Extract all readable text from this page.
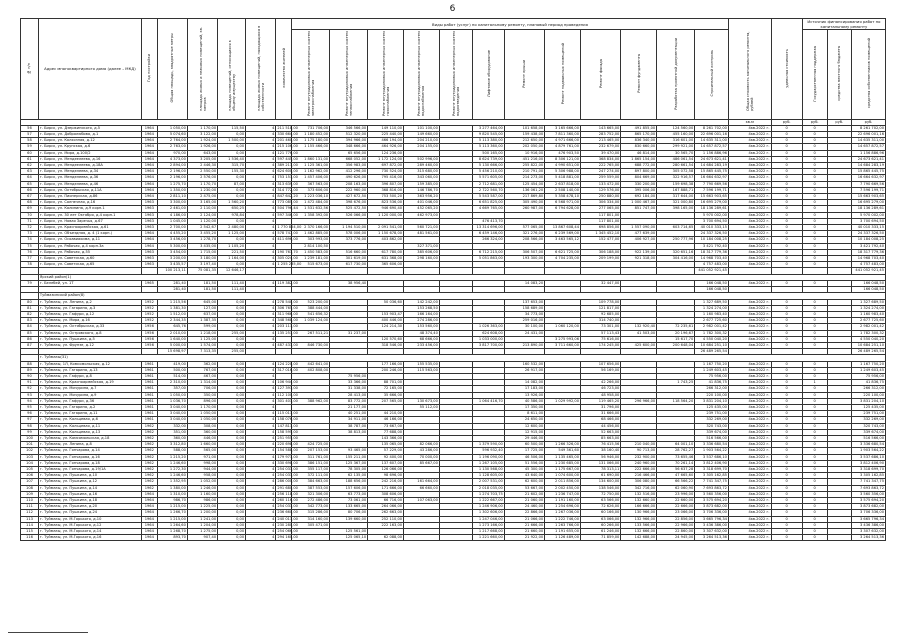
6
№ п/п	Адрес многоквартирного дома (далее – МКД)	Год постройки	Общая площадь, квадратные метры	площадь жилых и нежилых помещений, кв. метров	площадь помещений, относящихся к общему имуществу	площадь жилых помещений, находящихся в собственности	количество жителей	Виды работ (услуг) по капитальному ремонту, плановый период проведения												Общая стоимость капитального ремонта, рублей	удельная стоимость	Источник финансирования работ по капитальному ремонту		
								Ремонт внутридомовых инженерных систем электроснабжения	Ремонт внутридомовых инженерных систем теплоснабжения	Ремонт внутридомовых инженерных систем газоснабжения	Ремонт внутридомовых инженерных систем водоснабжения	Ремонт внутридомовых инженерных систем водоотведения	Лифтовое оборудование	Ремонт крыши	Ремонт подвальных помещений	Ремонт фасада	Ремонт фундамента	Разработка проектной документации	Строительный контроль			Государственная поддержка	средства местного бюджета	средства собственников помещений
																				кв.м	руб.	руб.	руб.	руб.
56	г. Бирск, ул. Дзержинского, д.5	1964	1 050,00	1 170,00	115,50	4	211 518,00	731 706,00	346 566,00	149 110,00	101 100,00		3 277 464,00	101 658,00	3 165 666,00	143 665,00	491 855,00	124 560,00	8 261 702,00	4кв.2022 г.	0	0		8 261 702,00
57	г. Бирск, ул. Добролюбова, д.1	1964	5 074,60	3 122,00	0,00	4	330 664,00	1 180 452,00	512 320,00	225 440,00	149 660,00		9 820 545,00	159 438,00	7 811 360,00	283 752,00	865 170,00	455 160,00	22 696 001,16	4кв.2022 г.	0	0		22 696 001,16
58	г. Бирск, ул. Колхозная, д.12	1964	2 764,00	1 924,00	1 500,00	4	201 460,00	1 175 180,00	394 966,00	466 194,00	204 210,00		5 113 380,00	212 650,00	4 971 666,00	213 465,00	836 340,00	316 601,00	14 635 311,00	4кв.2022 г.	0	0		14 635 311,00
59	г. Бирск, ул. Крупская, д.6	1964	2 763,00	1 926,00	0,00	4	215 106,00	1 155 466,00	348 666,00	464 926,00	204 155,00		5 113 360,00	202 050,00	4 879 761,00	232 679,00	830 660,00	299 921,00	14 657 872,57	4кв.2022 г.	0	0		14 657 872,57
60	г. Бирск, ул. Мира, д.100/2	1964	970,00	643,00	0,00	4	121 776,00		65 656,00	124 236,00			500 165,00	10 916,00	476 903,50	39 470,00	46 814,00	30 565,70	1 156 886,96	4кв.2022 г.	0	0		1 156 886,96
61	г. Бирск, ул. Мендеелеева, д.16	1964	4 373,00	3 205,00	1 536,40	4	597 445,00	1 860 131,00	668 052,00	1 172 124,00	502 996,00		8 624 739,00	451 216,00	8 306 121,00	368 834,00	1 865 154,00	486 061,54	24 673 621,41	4кв.2022 г.	0	0		24 673 621,41
62	г. Бирск, ул. Мендеелеева, д.18А	1964	2 894,00	2 446,30	315,70	4	389 213,00	1 125 361,00	356 983,00	697 872,00	289 460,00		5 130 666,00	255 822,00	4 990 651,00	222 765,00	688 772,00	280 661,54	14 684 283,19	4кв.2022 г.	0	0		14 684 283,19
63	г. Бирск, ул. Менделеева, д.34	1964	2 196,00	2 550,00	155,30	4	624 600,00	1 162 962,00	412 296,00	730 524,00	315 680,00		5 456 210,00	210 791,00	5 306 988,00	247 274,00	897 800,00	305 072,58	15 865 445,75	4кв.2022 г.	0	0		15 865 445,75
64	г. Бирск, ул. Менделеева, д.36	1964	2 196,00	2 576,00	0,00	4	753 151,00	1 457 406,00	490 626,00	795 416,00	343 060,00		5 571 605,00	214 273,00	5 418 881,00	259 559,00	804 669,00	322 916,57	16 664 632,97	4кв.2022 г.	0	0		16 664 632,97
65	г. Бирск, ул. Менделеева, д.46	1964	1 275,70	1 170,70	87,00	4	313 639,00	367 563,00	208 163,00	396 807,00	159 385,00		2 712 681,00	125 454,00	2 637 818,00	133 472,00	330 200,00	159 698,38	7 790 669,56	4кв.2022 г.	0	0		7 790 669,56
66	г. Бирск, ул. Октябрьская, д.11А	1964	1 350,00	1 230,00	0,00	4	314 772,00	373 606,00	222 960,00	368 816,00	146 786,70		2 722 560,70	136 061,20	2 508 140,00	129 576,00	395 006,00	167 888,71	7 596 199,71	4кв.2022 г.	0	0		7 596 199,71
67	г. Бирск, ул. Пионерская, д.86	1964	2 811,10	2 475,00	0,00	4	847 642,20	1 223 036,10	427 672,50	753 500,20	363 956,20		5 543 587,00	217 869,80	5 358 478,10	250 880,00	692 184,00	317 644,00	15 663 903,65	4кв.2022 г.	0	0		15 663 903,65
68	г. Бирск, ул. Солнечная, д.16	1963	3 300,00	3 165,00	1 560,20	4	773 085,00	1 472 484,00	398 676,00	823 536,00	401 046,00		6 651 825,00	305 490,00	6 568 971,00	306 334,00	1 000 467,00	321 000,80	16 695 279,00	4кв.2022 г.	0	0		16 695 279,00
69	г. Бирск, ул. Калинина, д.9 корп.1	1963	2 461,00	2 110,00	650,25	4	504 796,44	1 531 632,56	525 472,50	946 690,40	452 065,20		4 669 765,00	260 987,00	6 794 628,00	277 065,00	851 747,00	398 165,00	18 136 289,61	4кв.2022 г.	0	0		18 136 289,61
70	г. Бирск, ул. 30 лет Октября, д.4 корп.1	1963	4 186,00	2 124,00	978,84	4	597 346,00	1 358 392,00	526 066,00	1 120 000,00	462 973,00					117 801,00			5 970 002,00	4кв.2022 г.	0	0		5 970 002,00
71	г. Бирск, ул. Новая Заречья, д.67	1963	1 045,00	1 120,00	0,00	4							476 413,70			117 801,00			3 700 694,50	4кв.2022 г.	0	0		3 700 694,50
72	г. Бирск, ул. Красноармейская, д.61	1963	2 700,00	2 542,67	2 480,00	4	1 770 824,00	2 370 166,00	1 194 510,00	2 091 541,00	560 721,00		13 314 696,00	577 065,00	13 867 608,44	698 856,00	1 557 090,00	603 714,65	40 010 333,15	4кв.2022 г.	0	0		40 010 333,15
73	г. Бирск, ул. Объездная, д. 4 (1 корп.)	1964	4 455,20	3 455,20	1 125,00	4	578 747,00	1 462 885,00	578 006,00	1 150 678,00	481 561,00		6 459 146,00	321 276,00	6 239 569,00	1 345 452,10	477 639,00		24 337 326,50	4кв.2022 г.	0	0		24 337 326,50
74	г. Бирск, ул. Осоавиахима, д.11	1964	3 456,00	1 278,70	0,00	4	411 696,00	303 993,00	373 776,00	403 862,00			266 324,00	208 566,00	3 463 565,12	152 477,00	406 927,00	250 777,96	10 184 008,25	4кв.2022 г.	0	0		10 184 008,25
75	г. Бирск, ул. Рабочая, д.4 корп.3а	1964	5 300,00	3 435,00	1 105,20	4		2 814 100,50			327 371,00								3 421 792,40	4кв.2022 г.	0	0		3 421 792,40
76	г. Бирск, ул. Рабочая, д.55	1963	3 454,00	1 715,00	221,50	4	190 763,70	1 450 583,00	516 660,00	617 780,00	385 606,00		6 712 215,00	306 507,00	6 621 725,00	306 188,00	922 139,00	320 651,16	18 317 779,36	4кв.2022 г.	0	0		18 317 779,36
77	г. Бирск, ул. Советская, д.60	1963	3 200,00	3 180,00	1 164,00	4	305 024,00	1 239 181,00	301 619,00	631 368,00	298 160,00		5 051 863,00	193 300,00	4 704 235,00	209 199,00	921 318,00	304 416,00	14 968 703,40	4кв.2022 г.	0	0		14 968 703,40
78	г. Бирск, ул. Советская, д.65	1963	3 435,57	3 197,40	0,00	4	1 255 235,00	515 673,00	617 730,00	365 606,00									4 757 483,00	4кв.2022 г.	0	0		4 757 483,00
			100 213,11	75 081,35	12 646,17														441 052 921,45					441 052 921,45
	Ярский район(1)																							
79	г. Белебей, ул. 1Т	1965	281,40	181,50	111,40	4	119 382,00		38 956,40					14 083,20		32 447,00			166 048,50	4кв.2022 г.	0	0		166 048,50
			281,40	181,50	111,40														166 048,50					166 048,50
	Туймазинский район(8)																							
80	г. Туймазы, ул. Ленина, д.2	1952	1 215,56	645,00	0,00	4	278 540,00	523 200,00		50 036,60	142 242,00			137 653,00		109 778,00			1 327 689,50	4кв.2022 г.	0	0		1 327 689,50
81	г. Туймазы, ул. Гагарина, д.3	1952	1 381,30	127,00	0,00	4	306 765,00	388 444,00			153 268,50			158 689,00		121 817,00			1 324 274,00	4кв.2022 г.	0	0		1 324 274,00
82	г. Туймазы, ул. Гафури, д.12	1952	1 512,00	637,00	0,00	4	311 966,00	541 656,32		153 903,47	166 164,00			34 773,00		92 685,00			1 160 983,40	4кв.2022 г.	0	0		1 160 983,40
83	г. Туймазы, ул. Мира, д.16	1952	2 344,35	1 387,35	0,00	4	348 568,00	1 039 124,00		400 446,00	274 286,00			259 016,00		314 740,00			2 677 725,60	4кв.2022 г.	0	0		2 677 725,60
84	г. Туймазы, ул. Октябрьская, д.33	1956	645,76	599,00	0,00	4	203 111,00			124 214,30	153 560,00		1 026 363,00	30 100,00	1 060 120,00	73 301,00	132 920,40	72 235,61	2 982 001,42	4кв.2022 г.	0	0		2 982 001,42
85	г. Туймазы, ул. Островского, д.8	1956	2 010,00	1 218,00	255,00	4	135 251,00	267 511,21	31 237,00		48 374,40		624 608,00	24 431,00		57 113,43	41 503,00	20 196,67	1 782 300,32	4кв.2022 г.	0	0		1 782 300,32
86	г. Туймазы, ул. Пушкина, д.5	1956	1 640,00	1 125,00	0,00	4				120 570,60	68 666,00		1 033 000,00		3 275 993,06	75 616,00		15 617,70	4 550 040,20	4кв.2022 г.	0	0		4 550 040,20
87	г. Туймазы, ул. Фрунзе, д.12	1956	5 000,00	1 574,00	0,00	4	487 433,00	846 730,00		318 546,00	233 456,00		3 817 700,00	213 890,00	3 711 660,00	174 245,00	425 600,00	200 648,04	10 684 251,10	4кв.2022 г.	0	0		10 684 251,10
			15 698,97	7 313,35	255,00														26 489 265,54					26 489 265,54
	г. Туймазы(31)																							
88	г. Туймазы, 1Л, Комсомольская, д.12	1961	419,00	362,00	0,00	4	124 220,00	442 641,00		177 166,00	155 535,00			160 532,00		107 656,00			1 167 750,20	4кв.2022 г.	0	0		1 167 750,20
89	г. Туймазы, ул. Гагарина, д.13	1961	500,00	767,00	0,00	4	317 016,00	402 808,00		200 246,00	115 563,00			26 917,00		56 169,00			1 249 603,45	4кв.2022 г.	0	0		1 249 603,45
90	г. Туймазы, ул. Гафури, д.8	1961	514,00	467,00	0,00	4			75 956,00										75 956,00	4кв.2022 г.	0	0		75 956,00
91	г. Туймазы, ул. Красноармейская, д.19	1961	2 310,00	1 314,00	0,00	4	106 944,00		33 366,00	88 701,00				14 082,00		42 266,00		1 743,25	41 836,75	4кв.2022 г.	0	1		41 836,75
92	г. Туймазы, ул. Мичурина, д.7	1961	357,00	706,00	0,00	4	127 393,00		31 338,00	72 165,00				17 183,00		46 723,00			266 312,00	4кв.2022 г.	0	0		266 312,00
93	г. Туймазы, ул. Мичурина, д.9	1961	1 050,00	350,00	0,00	4	112 100,00		28 413,00	35 666,00				13 926,00		48 958,00			220 100,00	4кв.2022 г.	0	0		220 100,00
94	г. Туймазы, ул. Гафури, д.36	1961	1 036,70	896,00	0,00	4	301 403,00	388 962,00	83 772,00	207 565,00	130 673,00		1 064 416,70	40 586,00	1 029 992,00	119 465,20	296 966,00	118 564,20	3 831 204,10	4кв.2022 г.	0	0		3 831 204,10
95	г. Туймазы, ул. Гагарина, д.2	1961	3 040,00	1 170,00	0,00	4			21 177,00		55 112,00			17 350,00		31 796,00			125 435,00	4кв.2022 г.	0	0		125 435,00
96	г. Туймазы, ул. Гагарина, д.11	1961	3 040,00	1 050,00	0,00	4	115 013,00		40 251,00	44 210,00				8 611,00		31 666,00			239 751,00	4кв.2022 г.	0	0		239 751,00
97	г. Туймазы, ул. Кольцевая, д.6	1961	3 040,00	1 050,00	0,00	4	158 076,00		34 911,00	46 166,00				24 650,00		68 466,00			332 269,00	4кв.2022 г.	0	0		332 269,00
98	г. Туймазы, ул. Кольцевая, д.11	1962	332,00	308,00	0,00	4	147 813,00		38 787,00	73 667,00				12 600,00		44 456,00			320 743,00	4кв.2022 г.	0	0		320 743,00
99	г. Туймазы, ул. Кольцевая, д.13	1962	351,00	360,00	0,00	4	158 595,00		38 813,00	77 688,00				12 915,00		52 663,00			339 674,00	4кв.2022 г.	0	0		339 674,00
100	г. Туймазы, ул. Комсомольская, д.18	1962	360,00	446,00	0,00	4	251 955,00			143 366,00				29 446,00		85 663,00			516 566,00	4кв.2022 г.	0	0		516 566,00
101	г. Туймазы, ул. Ленина, д.8	1962	3 312,80	1 660,00	0,00	4	220 698,00	424 725,00		135 065,00	82 066,00		1 379 590,00	60 500,00	1 266 326,00	76 415,56	210 040,00	64 001,10	3 336 680,54	4кв.2022 г.	0	0		3 336 680,54
102	г. Туймазы, ул. Гончарова, д.14	1962	588,00	565,00	0,00	4	154 588,00	207 153,00	93 465,00	57 229,00	43 286,00		596 932,40	17 725,00	549 361,60	38 160,40	90 713,00	28 762,27	1 903 564,22	4кв.2022 г.	0	0		1 903 564,22
103	г. Туймазы, ул. Гончарова, д.16	1962	1 215,20	971,00	0,00	4	179 971,00	311 761,00	155 211,00	92 400,00	70 000,00		1 196 090,00	46 506,00	1 135 465,00	56 946,00	232 900,00	73 655,46	3 537 686,10	4кв.2022 г.	0	0		3 537 686,10
104	г. Туймазы, ул. Гончарова, д.18	1962	1 246,60	998,00	0,00	4	330 698,00	386 151,00	125 367,00	137 607,00	85 667,00		1 267 105,00	51 556,00	1 230 685,00	131 066,00	240 960,00	70 261,14	3 812 406,90	4кв.2022 г.	0	0		3 812 406,90
105	г. Туймазы, ул. Гончарова, д.19/1А	1962	1 272,30	944,00	0,00	4	254 033,00	355 117,00	78 305,00	126 066,00			1 130 568,00	45 300,00	1 175 667,00	78 313,11	222 666,00	56 637,28	3 318 699,70	4кв.2022 г.	0	0		3 318 699,70
106	г. Туймазы, ул. Пушкина, д.10	1962	1 246,60	958,00	0,00	4	254 033,00	372 111,00	62 135,00	98 696,00			1 128 605,00	43 640,00	1 074 600,00	61 690,00	216 466,00	47 665,60	3 305 162,85	4кв.2022 г.	0	0		3 305 162,85
107	г. Туймазы, ул. Пушкина, д.12	1962	1 352,95	1 052,00	0,00	4	286 000,00	384 663,00	188 656,00	242 216,00	161 664,00		2 007 531,00	62 600,00	2 011 856,00	134 600,00	306 080,00	66 566,22	7 741 347,75	4кв.2022 г.	0	0		7 741 347,75
108	г. Туймазы, ул. Пушкина, д.14	1962	1 380,00	1 246,00	0,00	4	291 680,00	387 553,00	157 606,00	171 666,00	66 660,00		2 018 035,00	53 667,00	2 002 450,00	138 546,00	342 716,00	62 060,90	7 693 863,72	4кв.2022 г.	0	0		7 693 863,72
109	г. Туймазы, ул. Пушкина, д.16	1964	1 310,00	1 160,00	0,00	4	256 118,00	321 306,00	63 773,00	308 606,00			1 274 703,75	21 602,00	1 236 747,00	72 750,00	132 516,00	23 996,00	3 560 356,00	4кв.2022 г.	0	0		3 560 356,00
110	г. Туймазы, ул. Пушкина, д.18	1964	986,70	986,00	0,00	4	260 116,00	272 486,00	73 061,00	66 716,00	107 063,00		1 222 667,00	21 060,00	1 191 160,00	63 566,00	132 660,00	22 660,00	3 575 694,20	4кв.2022 г.	0	0		3 575 694,20
111	г. Туймазы, ул. Пушкина, д.20	1964	1 215,00	1 225,00	0,00	4	254 033,00	342 773,00	133 665,00	264 066,00			1 246 906,00	24 460,00	1 254 696,00	72 626,00	166 666,00	22 666,00	3 873 682,00	4кв.2022 г.	0	0		3 873 682,00
112	г. Туймазы, ул. Пушкина, д.24	1964	1 266,70	1 200,00	0,00	4	236 660,00	315 286,00	80 706,00	262 663,00			1 302 606,00	22 866,00	1 267 036,00	60 166,00	130 966,00	23 066,00	3 706 336,00	4кв.2022 г.	0	0		3 706 336,00
113	г. Туймазы, ул. М.Горького, д.10	1964	1 215,00	1 241,00	0,00	4	240 011,00	314 160,00	139 660,00	252 110,00			1 247 046,00	21 066,00	1 222 746,00	63 066,00	132 966,00	22 856,00	3 665 796,34	4кв.2022 г.	0	0		3 665 796,34
114	г. Туймазы, ул. М.Горького, д.12	1964	1 264,60	1 204,00	0,00	4	230 280,00	305 471,00		222 163,00			1 273 166,00	21 666,00	1 263 766,00	60 266,00	133 566,00	22 966,00	3 436 386,00	4кв.2022 г.	0	0		3 436 386,00
115	г. Туймазы, ул. М.Горького, д.14	1964	1 268,70	1 275,00	0,00	4	254 066,00		125 561,00				1 217 668,00	21 660,00	1 191 655,00	61 246,00	132 666,00	22 860,00	3 307 632,00	4кв.2022 г.	0	0		3 307 632,00
116	г. Туймазы, ул. М.Горького, д.16	1964	893,70	907,40	0,00	4	294 160,00		125 065,10	62 088,00			1 221 660,00	21 922,00	1 126 489,00	71 859,00	142 688,00	24 945,00	3 264 513,36	4кв.2022 г.	0	0		3 264 513,36
